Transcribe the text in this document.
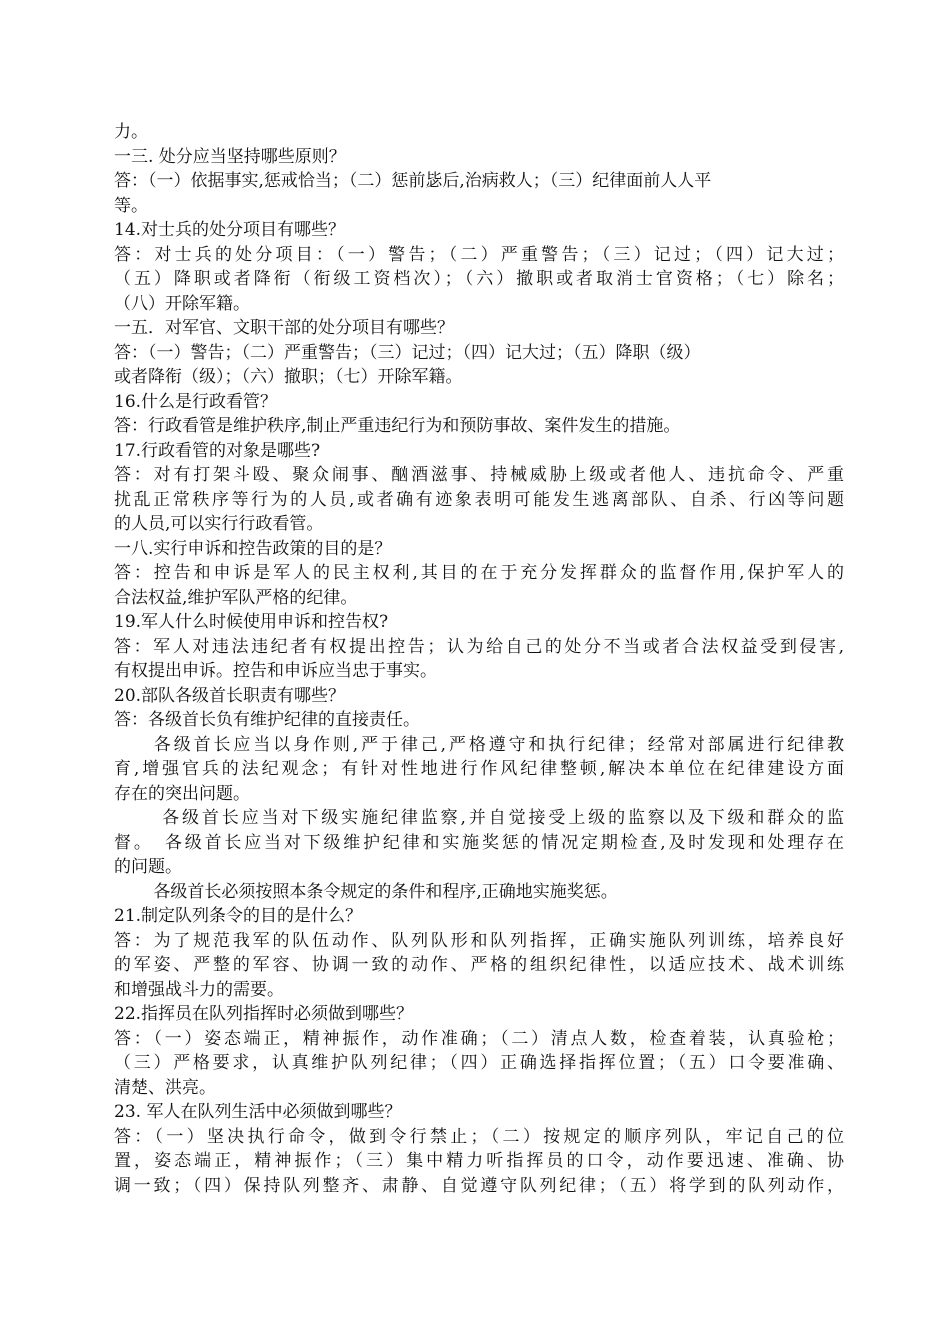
力。

一三. 处分应当坚持哪些原则？

答：（一）依据事实,惩戒恰当；（二）惩前毖后,治病救人；（三）纪律面前人人平

等。

14.对士兵的处分项目有哪些？

答：对士兵的处分项目：（一）警告；（二）严重警告；（三）记过；（四）记大过；

（五）降职或者降衔（衔级工资档次）；（六）撤职或者取消士官资格；（七）除名；

（八）开除军籍。

一五．对军官、文职干部的处分项目有哪些？

答：（一）警告；（二）严重警告；（三）记过；（四）记大过；（五）降职（级）

或者降衔（级）；（六）撤职；（七）开除军籍。

16.什么是行政看管？

答：行政看管是维护秩序,制止严重违纪行为和预防事故、案件发生的措施。

17.行政看管的对象是哪些?

答：对有打架斗殴、聚众闹事、酗酒滋事、持械威胁上级或者他人、违抗命令、严重

扰乱正常秩序等行为的人员,或者确有迹象表明可能发生逃离部队、自杀、行凶等问题

的人员,可以实行行政看管。

一八.实行申诉和控告政策的目的是？

答：控告和申诉是军人的民主权利,其目的在于充分发挥群众的监督作用,保护军人的

合法权益,维护军队严格的纪律。

19.军人什么时候使用申诉和控告权?

答：军人对违法违纪者有权提出控告；认为给自己的处分不当或者合法权益受到侵害,

有权提出申诉。控告和申诉应当忠于事实。

20.部队各级首长职责有哪些？

答：各级首长负有维护纪律的直接责任。

　　各级首长应当以身作则,严于律己,严格遵守和执行纪律；经常对部属进行纪律教

育,增强官兵的法纪观念；有针对性地进行作风纪律整顿,解决本单位在纪律建设方面

存在的突出问题。

　　 各级首长应当对下级实施纪律监察,并自觉接受上级的监察以及下级和群众的监

督。　各级首长应当对下级维护纪律和实施奖惩的情况定期检查,及时发现和处理存在

的问题。

　　 各级首长必须按照本条令规定的条件和程序,正确地实施奖惩。

21.制定队列条令的目的是什么？

答：为了规范我军的队伍动作、队列队形和队列指挥，正确实施队列训练，培养良好

的军姿、严整的军容、协调一致的动作、严格的组织纪律性，以适应技术、战术训练

和增强战斗力的需要。

22.指挥员在队列指挥时必须做到哪些？

答：（一）姿态端正，精神振作，动作准确；（二）清点人数，检查着装，认真验枪；

（三）严格要求，认真维护队列纪律；（四）正确选择指挥位置；（五）口令要准确、

清楚、洪亮。

23. 军人在队列生活中必须做到哪些？

答：（一）坚决执行命令，做到令行禁止；（二）按规定的顺序列队，牢记自己的位

置，姿态端正，精神振作；（三）集中精力听指挥员的口令，动作要迅速、准确、协

调一致；（四）保持队列整齐、肃静、自觉遵守队列纪律；（五）将学到的队列动作，
